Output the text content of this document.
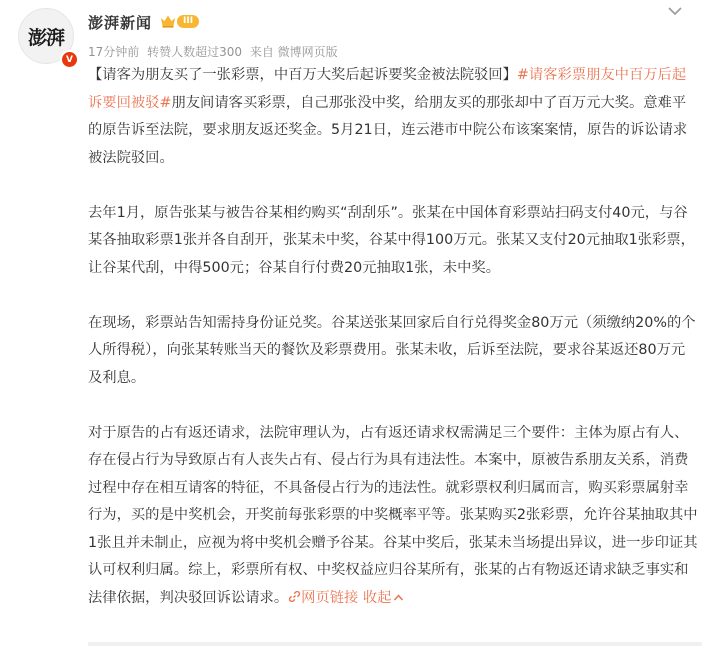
澎湃
V
澎湃新闻	III
17分钟前 转赞人数超过300 来自 微博网页版

【请客为朋友买了一张彩票，中百万大奖后起诉要奖金被法院驳回】#请客彩票朋友中百万后起诉要回被驳#朋友间请客买彩票，自己那张没中奖，给朋友买的那张却中了百万元大奖。意难平的原告诉至法院，要求朋友返还奖金。5月21日，连云港市中院公布该案案情，原告的诉讼请求被法院驳回。

去年1月，原告张某与被告谷某相约购买“刮刮乐”。张某在中国体育彩票站扫码支付40元，与谷某各抽取彩票1张并各自刮开，张某未中奖，谷某中得100万元。张某又支付20元抽取1张彩票，让谷某代刮，中得500元；谷某自行付费20元抽取1张，未中奖。

在现场，彩票站告知需持身份证兑奖。谷某送张某回家后自行兑得奖金80万元（须缴纳20%的个人所得税），向张某转账当天的餐饮及彩票费用。张某未收，后诉至法院，要求谷某返还80万元及利息。

对于原告的占有返还请求，法院审理认为，占有返还请求权需满足三个要件：主体为原占有人、存在侵占行为导致原占有人丧失占有、侵占行为具有违法性。本案中，原被告系朋友关系，消费过程中存在相互请客的特征，不具备侵占行为的违法性。就彩票权利归属而言，购买彩票属射幸行为，买的是中奖机会，开奖前每张彩票的中奖概率平等。张某购买2张彩票，允许谷某抽取其中1张且并未制止，应视为将中奖机会赠予谷某。谷某中奖后，张某未当场提出异议，进一步印证其认可权利归属。综上，彩票所有权、中奖权益应归谷某所有，张某的占有物返还请求缺乏事实和法律依据，判决驳回诉讼请求。 网页链接 收起
